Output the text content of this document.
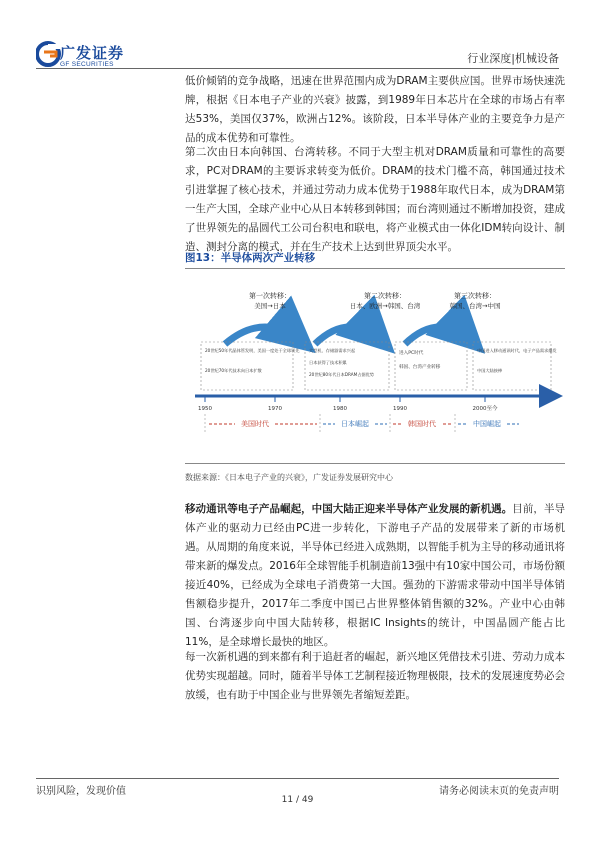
广发证券
GF SECURITIES	行业深度|机械设备

低价倾销的竞争战略，迅速在世界范围内成为DRAM主要供应国。世界市场快速洗牌，根据《日本电子产业的兴衰》披露，到1989年日本芯片在全球的市场占有率达53%，美国仅37%，欧洲占12%。该阶段，日本半导体产业的主要竞争力是产品的成本优势和可靠性。

第二次由日本向韩国、台湾转移。不同于大型主机对DRAM质量和可靠性的高要求，PC对DRAM的主要诉求转变为低价。DRAM的技术门槛不高，韩国通过技术引进掌握了核心技术，并通过劳动力成本优势于1988年取代日本，成为DRAM第一生产大国，全球产业中心从日本转移到韩国；而台湾则通过不断增加投资，建成了世界领先的晶圆代工公司台积电和联电，将产业模式由一体化IDM转向设计、制造、测封分离的模式，并在生产技术上达到世界顶尖水平。

图13：半导体两次产业转移
第一次转移：
美国→日本
第二次转移：
日本、欧洲→韩国、台湾
第三次转移：
韩国、台湾→中国
20世纪50年代晶体管发明，美国一度处于全球领先
20世纪70年代技术向日本扩散
大型机、存储器需求兴起
日本获得了技术积累
20世纪80年代日本DRAM占据优势
进入PC时代
韩国、台湾产业转移
中国进入移动通讯时代，电子产品需求爆发
中国大陆接棒
1950	1970	1980	1990	2000至今
美国时代	日本崛起	韩国时代	中国崛起
数据来源：《日本电子产业的兴衰》，广发证券发展研究中心

移动通讯等电子产品崛起，中国大陆正迎来半导体产业发展的新机遇。目前，半导体产业的驱动力已经由PC进一步转化，下游电子产品的发展带来了新的市场机遇。从周期的角度来说，半导体已经进入成熟期，以智能手机为主导的移动通讯将带来新的爆发点。2016年全球智能手机制造前13强中有10家中国公司，市场份额接近40%，已经成为全球电子消费第一大国。强劲的下游需求带动中国半导体销售额稳步提升，2017年二季度中国已占世界整体销售额的32%。产业中心由韩国、台湾逐步向中国大陆转移，根据IC Insights的统计，中国晶圆产能占比11%，是全球增长最快的地区。

每一次新机遇的到来都有利于追赶者的崛起，新兴地区凭借技术引进、劳动力成本优势实现超越。同时，随着半导体工艺制程接近物理极限，技术的发展速度势必会放缓，也有助于中国企业与世界领先者缩短差距。

识别风险，发现价值	请务必阅读末页的免责声明
11 / 49
